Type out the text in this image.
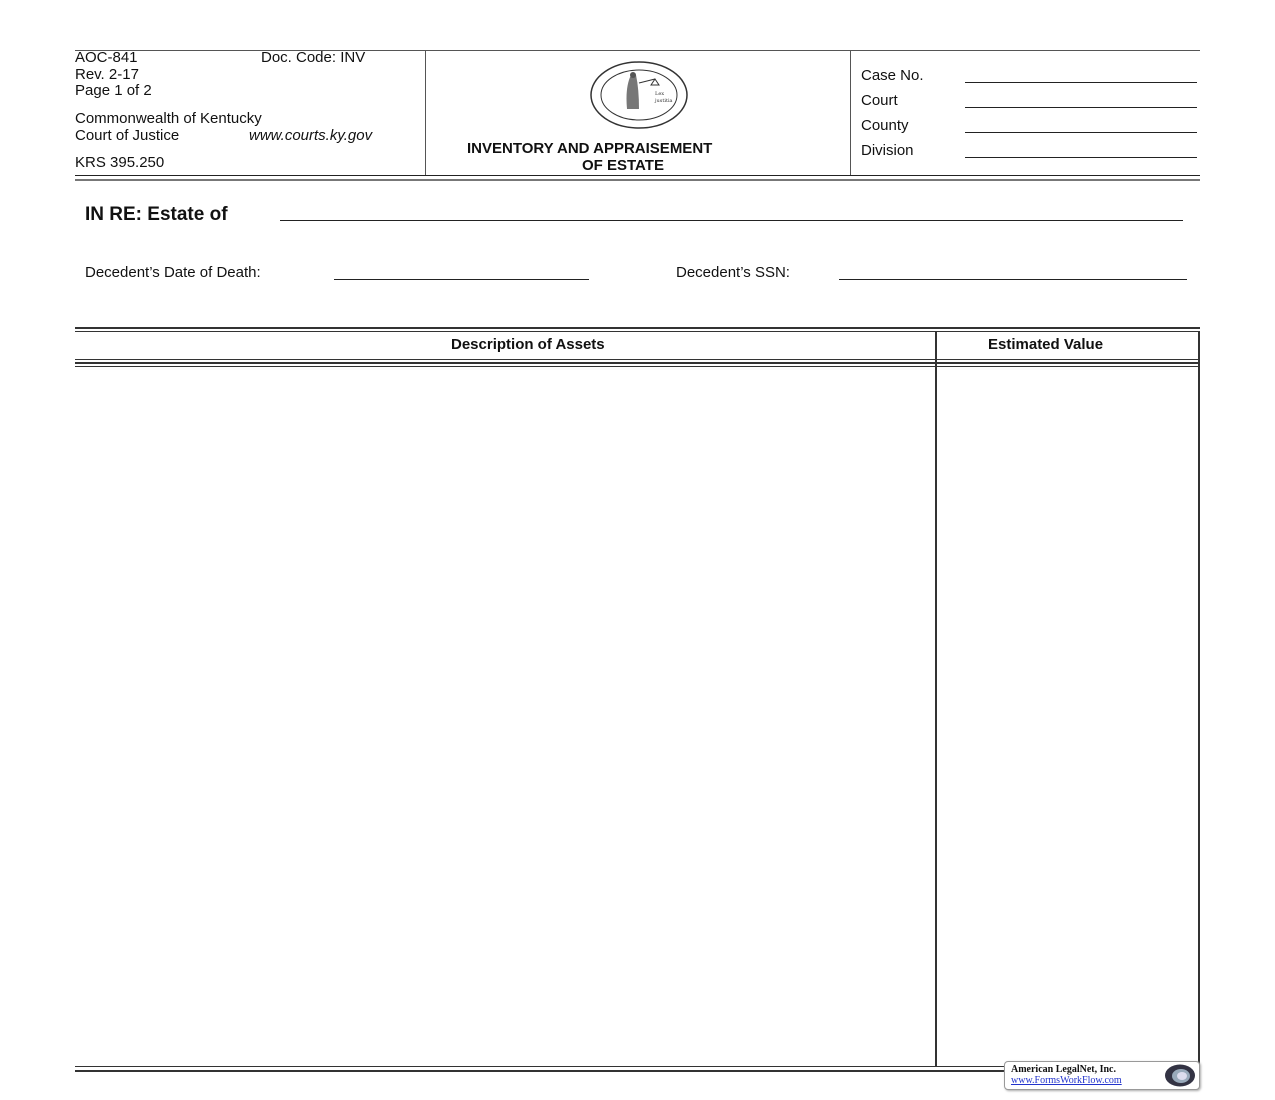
AOC-841	Doc. Code: INV
Rev. 2-17
Page 1 of 2
Commonwealth of Kentucky
Court of Justice	www.courts.ky.gov
KRS 395.250
Lex
justitia
INVENTORY AND APPRAISEMENT
OF ESTATE
Case No.
Court
County
Division
IN RE: Estate of
Decedent’s Date of Death:	Decedent’s SSN:
Description of Assets	Estimated Value
American LegalNet, Inc.
www.FormsWorkFlow.com
